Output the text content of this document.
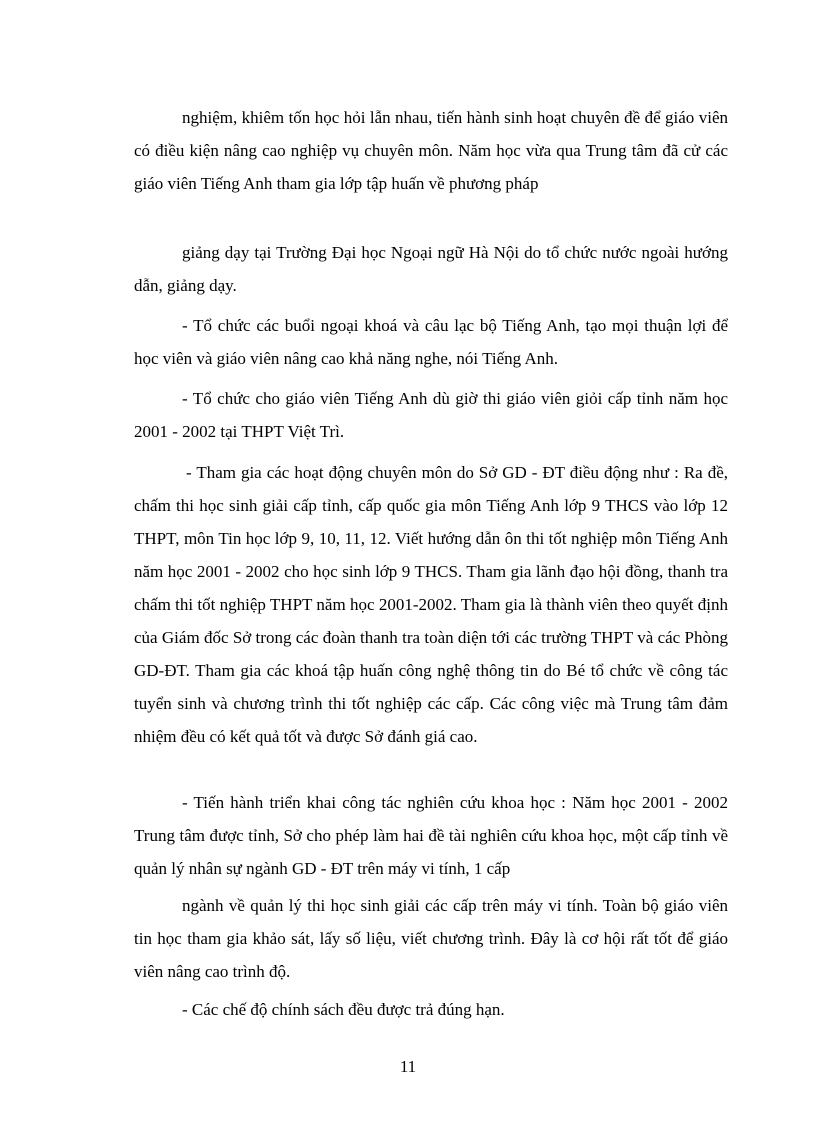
nghiệm, khiêm tốn học hỏi lẫn nhau, tiến hành sinh hoạt chuyên đề để giáo viên có điều kiện nâng cao nghiệp vụ chuyên môn. Năm học vừa qua Trung tâm đã cử các giáo viên Tiếng Anh tham gia lớp tập huấn về phương pháp

giảng dạy tại Trường Đại học Ngoại ngữ Hà Nội do tổ chức nước ngoài hướng dẫn, giảng dạy.

- Tổ chức các buổi ngoại khoá và câu lạc bộ Tiếng Anh, tạo mọi thuận lợi để học viên và giáo viên nâng cao khả năng nghe, nói Tiếng Anh.

- Tổ chức cho giáo viên Tiếng Anh dù giờ thi giáo viên giỏi cấp tỉnh năm học 2001 - 2002 tại THPT Việt Trì.

- Tham gia các hoạt động chuyên môn do Sở GD - ĐT điều động như : Ra đề, chấm thi học sinh giải cấp tỉnh, cấp quốc gia môn Tiếng Anh lớp 9 THCS vào lớp 12 THPT, môn Tin học lớp 9, 10, 11, 12. Viết hướng dẫn ôn thi tốt nghiệp môn Tiếng Anh năm học 2001 - 2002 cho học sinh lớp 9 THCS. Tham gia lãnh đạo hội đồng, thanh tra chấm thi tốt nghiệp THPT năm học 2001-2002. Tham gia là thành viên theo quyết định của Giám đốc Sở trong các đoàn thanh tra toàn diện tới các trường THPT và các Phòng GD-ĐT. Tham gia các khoá tập huấn công nghệ thông tin do Bé tổ chức về công tác tuyển sinh và chương trình thi tốt nghiệp các cấp. Các công việc mà Trung tâm đảm nhiệm đều có kết quả tốt và được Sở đánh giá cao.

- Tiến hành triển khai công tác nghiên cứu khoa học : Năm học 2001 - 2002 Trung tâm được tỉnh, Sở cho phép làm hai đề tài nghiên cứu khoa học, một cấp tỉnh về quản lý nhân sự ngành GD - ĐT trên máy vi tính, 1 cấp

ngành về quản lý thi học sinh giải các cấp trên máy vi tính. Toàn bộ giáo viên tin học tham gia khảo sát, lấy số liệu, viết chương trình. Đây là cơ hội rất tốt để giáo viên nâng cao trình độ.

- Các chế độ chính sách đều được trả đúng hạn.

11
